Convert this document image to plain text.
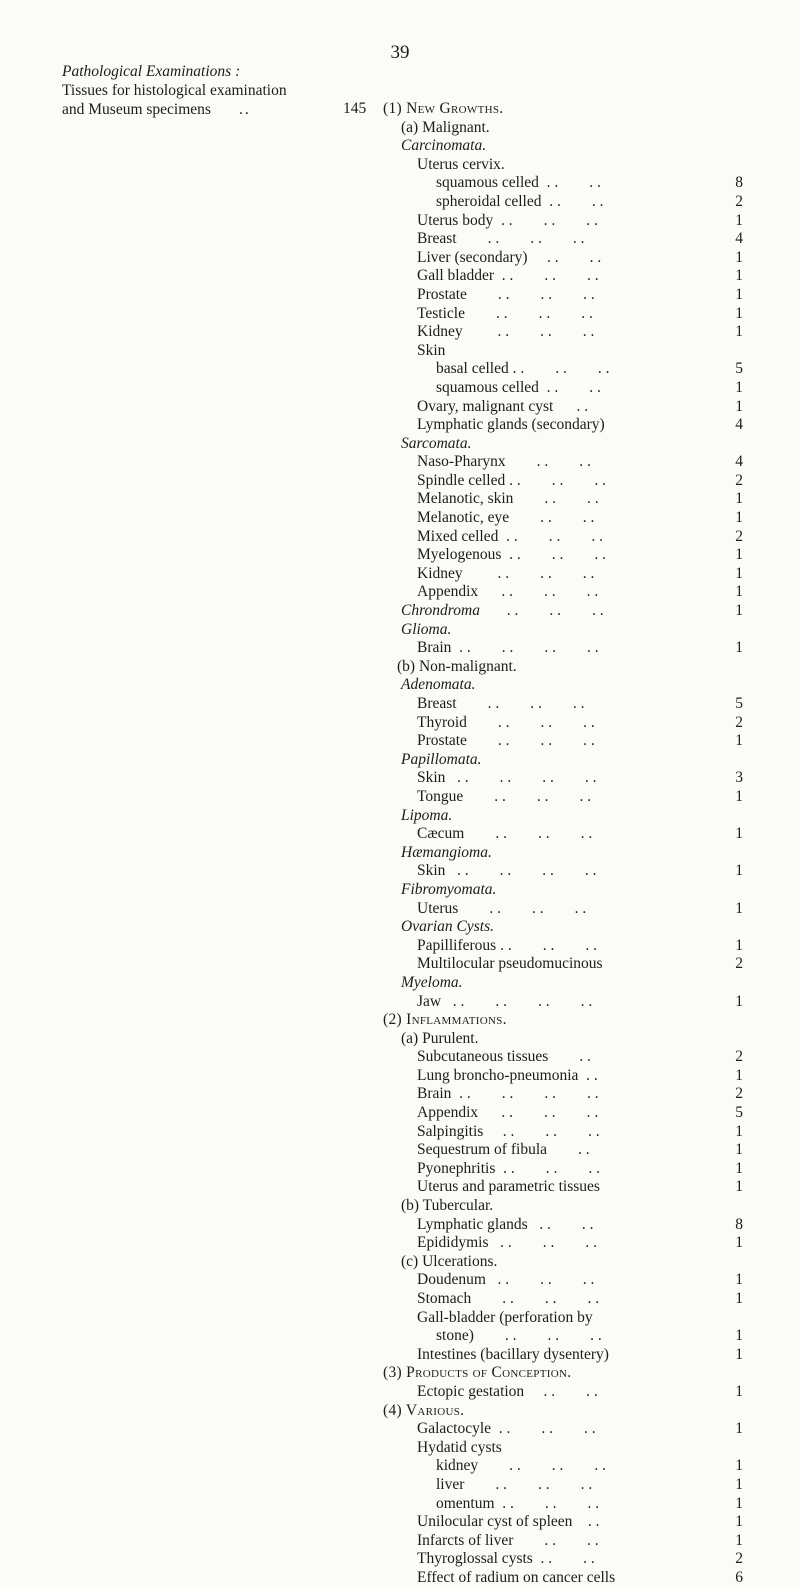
39
Pathological Examinations :
Tissues for histological examination
and Museum specimens ..	145 (1) New Growths.
(a) Malignant.
Carcinomata.
Uterus cervix.
squamous celled  . .        . .	8
spheroidal celled  . .        . .	2
Uterus body  . .        . .        . .	1
Breast        . .        . .        . .	4
Liver (secondary)     . .        . .	1
Gall bladder  . .        . .        . .	1
Prostate        . .        . .        . .	1
Testicle        . .        . .        . .	1
Kidney         . .        . .        . .	1
Skin
basal celled . .        . .        . .	5
squamous celled  . .        . .	1
Ovary, malignant cyst      . .	1
Lymphatic glands (secondary)	4
Sarcomata.
Naso-Pharynx        . .        . .	4
Spindle celled . .        . .        . .	2
Melanotic, skin        . .        . .	1
Melanotic, eye        . .        . .	1
Mixed celled  . .        . .        . .	2
Myelogenous  . .        . .        . .	1
Kidney         . .        . .        . .	1
Appendix      . .        . .        . .	1
Chrondroma       . .        . .        . .	1
Glioma.
Brain  . .        . .        . .        . .	1
(b) Non-malignant.
Adenomata.
Breast        . .        . .        . .	5
Thyroid        . .        . .        . .	2
Prostate        . .        . .        . .	1
Papillomata.
Skin   . .        . .        . .        . .	3
Tongue        . .        . .        . .	1
Lipoma.
Cæcum        . .        . .        . .	1
Hæmangioma.
Skin   . .        . .        . .        . .	1
Fibromyomata.
Uterus        . .        . .        . .	1
Ovarian Cysts.
Papilliferous . .        . .        . .	1
Multilocular pseudomucinous	2
Myeloma.
Jaw   . .        . .        . .        . .	1
(2) Inflammations.
(a) Purulent.
Subcutaneous tissues        . .	2
Lung broncho-pneumonia  . .	1
Brain  . .        . .        . .        . .	2
Appendix      . .        . .        . .	5
Salpingitis     . .        . .        . .	1
Sequestrum of fibula        . .	1
Pyonephritis  . .        . .        . .	1
Uterus and parametric tissues	1
(b) Tubercular.
Lymphatic glands   . .        . .	8
Epididymis   . .        . .        . .	1
(c) Ulcerations.
Doudenum   . .        . .        . .	1
Stomach        . .        . .        . .	1
Gall-bladder (perforation by
stone)        . .        . .        . .	1
Intestines (bacillary dysentery)	1
(3) Products of Conception.
Ectopic gestation     . .        . .	1
(4) Various.
Galactocyle  . .        . .        . .	1
Hydatid cysts
kidney        . .        . .        . .	1
liver        . .        . .        . .	1
omentum  . .        . .        . .	1
Unilocular cyst of spleen    . .	1
Infarcts of liver        . .        . .	1
Thyroglossal cysts  . .        . .	2
Effect of radium on cancer cells	6
